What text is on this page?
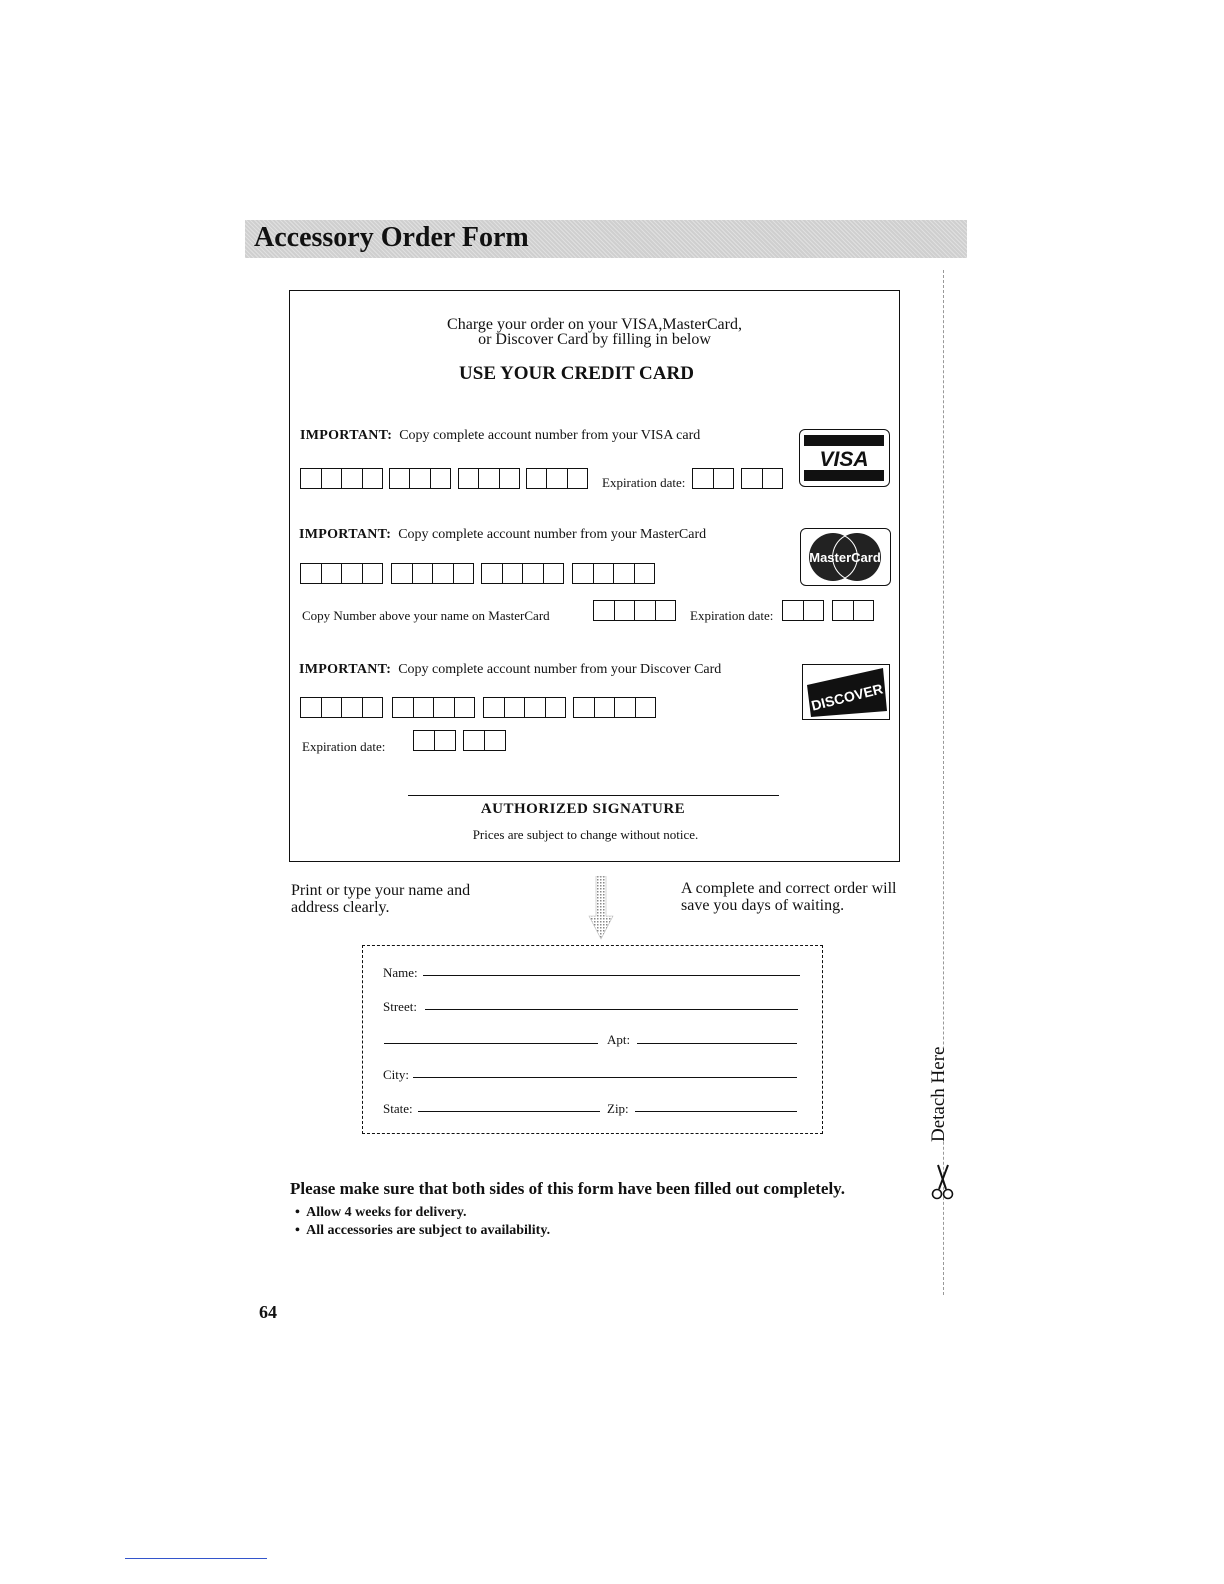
Accessory Order Form
Charge your order on your VISA,MasterCard,
or Discover Card by filling in below
USE YOUR CREDIT CARD
IMPORTANT: Copy complete account number from your VISA card
Expiration date:
VISA
IMPORTANT: Copy complete account number from your MasterCard
Copy Number above your name on MasterCard	Expiration date:
MasterCard
IMPORTANT: Copy complete account number from your Discover Card
Expiration date:
DISCOVER
AUTHORIZED SIGNATURE
Prices are subject to change without notice.
Print or type your name and
address clearly.
A complete and correct order will
save you days of waiting.
Name:
Street:
Apt:
City:
State:	Zip:
Please make sure that both sides of this form have been filled out completely.
•  Allow 4 weeks for delivery.
•  All accessories are subject to availability.
64
Detach Here
